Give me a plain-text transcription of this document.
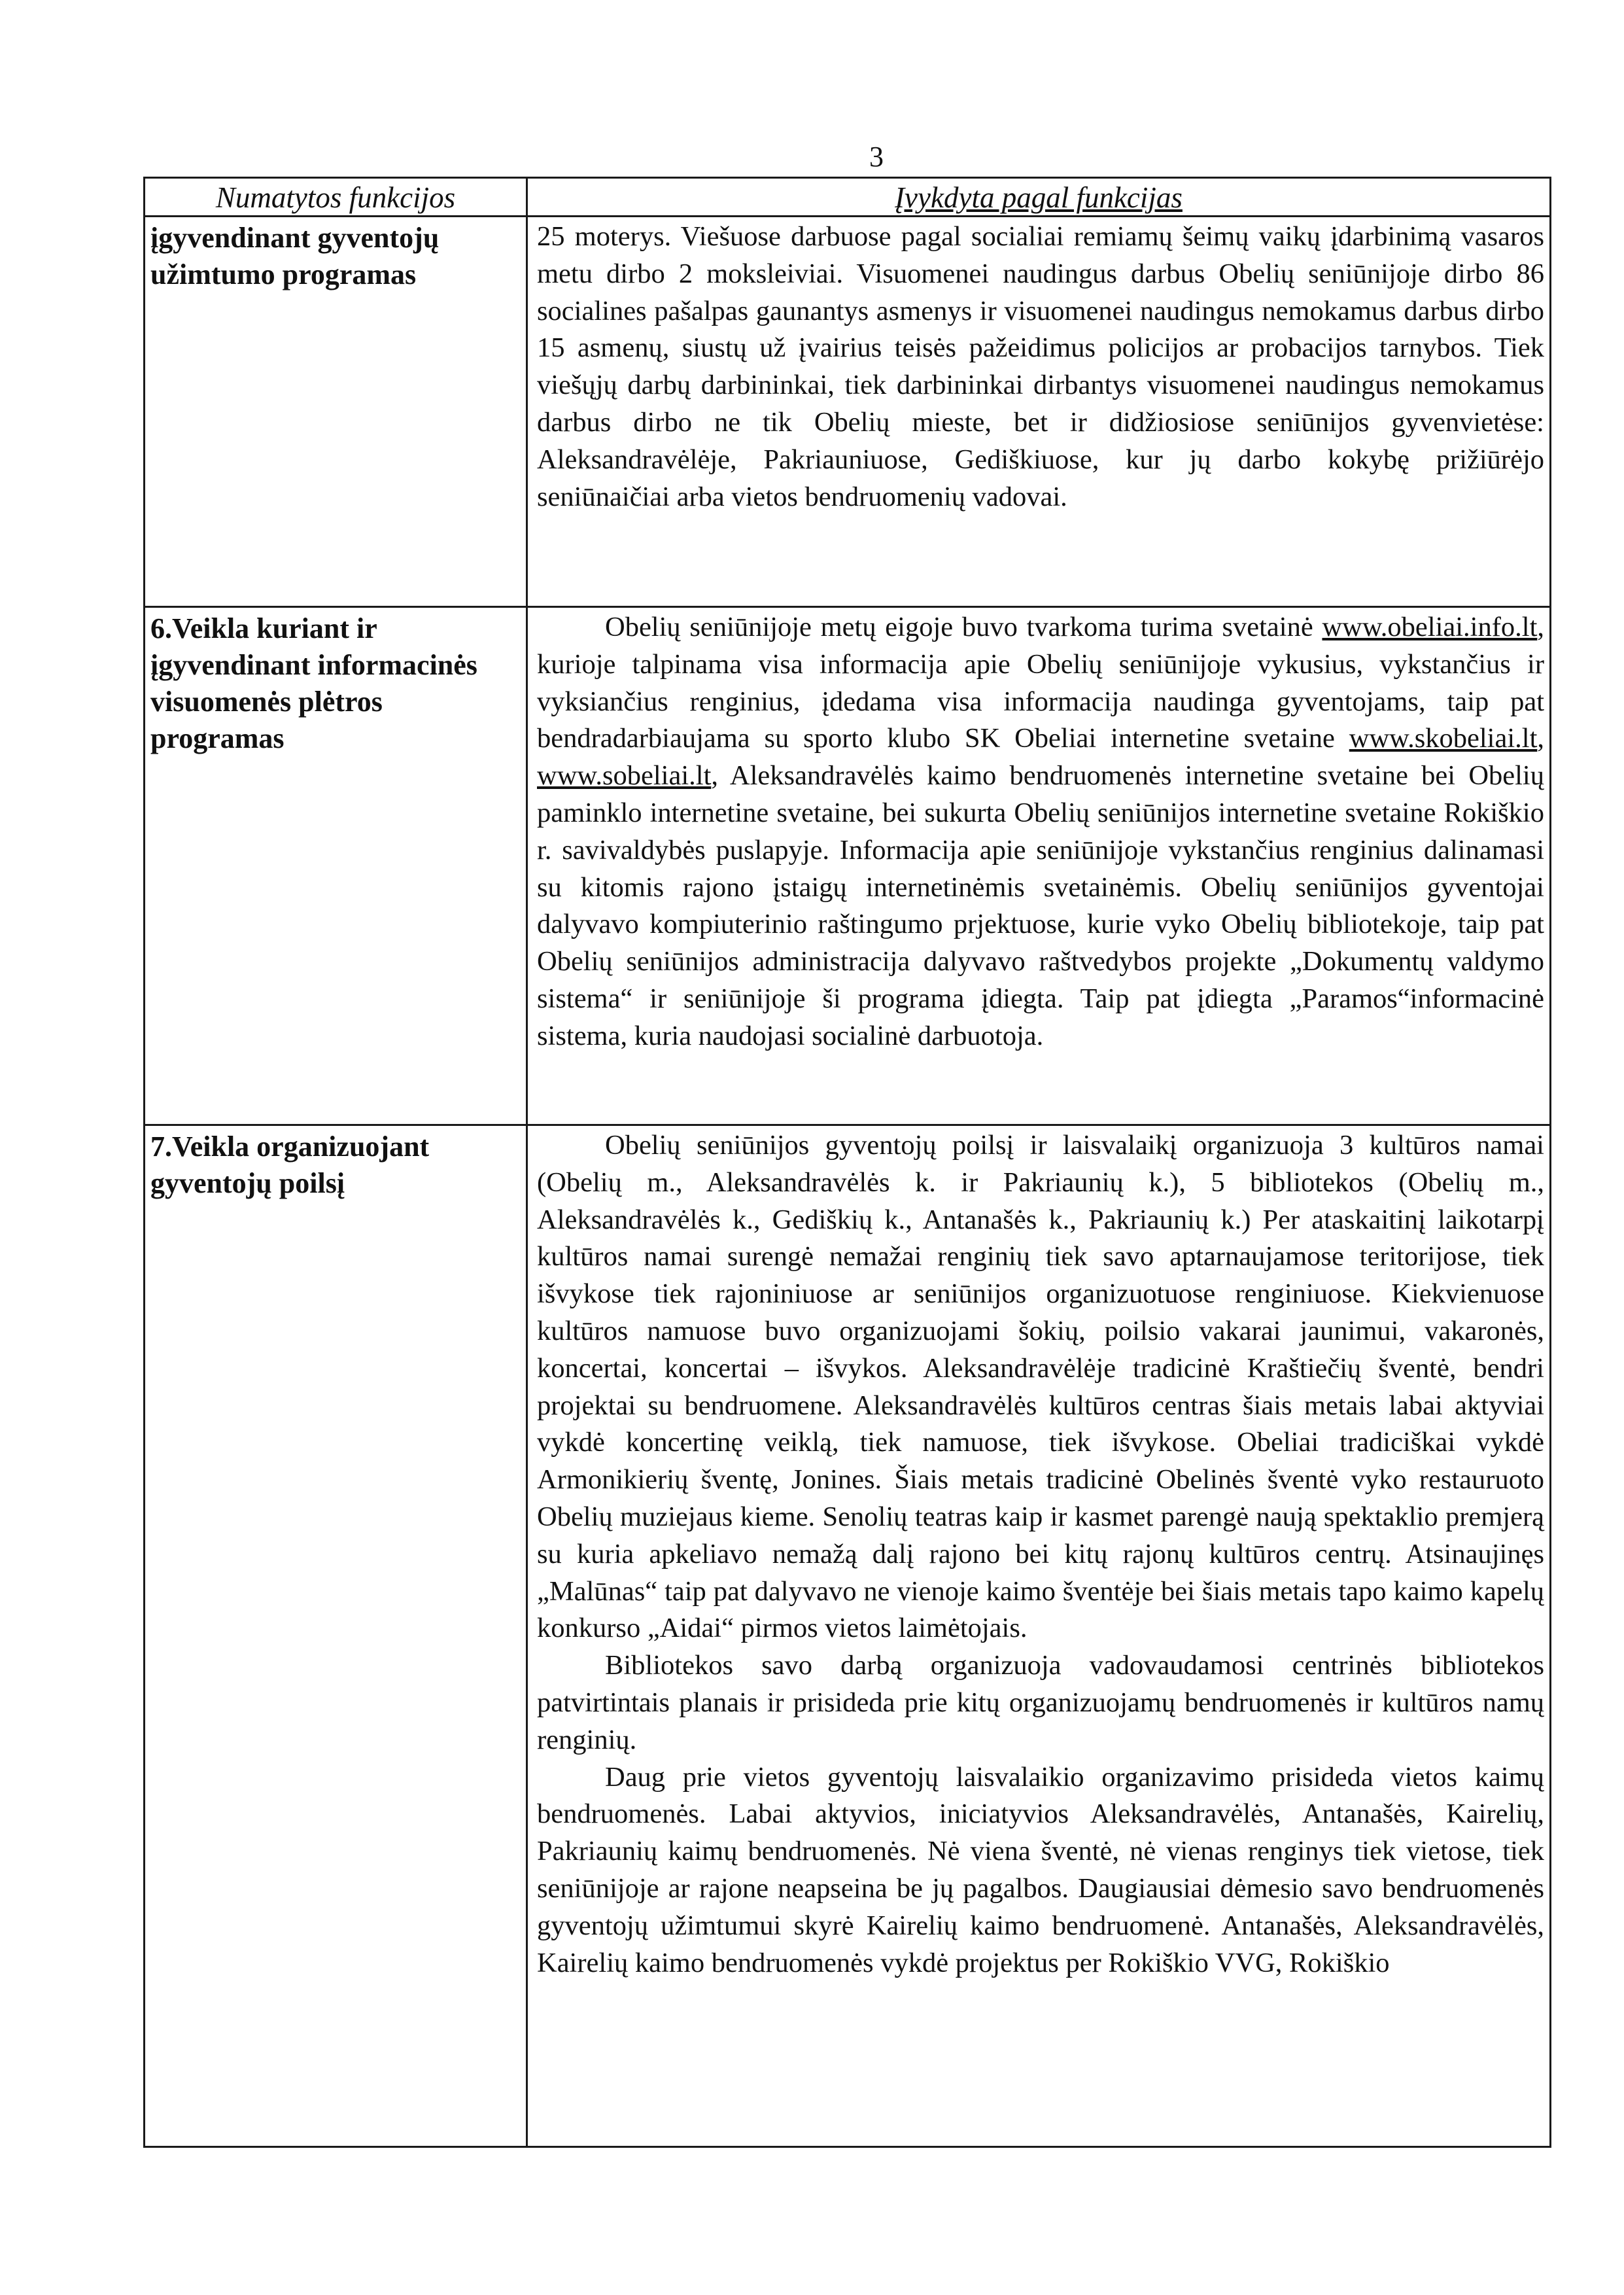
3
Numatytos funkcijos	Įvykdyta pagal funkcijas

įgyvendinant gyventojų užimtumo programas	25 moterys. Viešuose darbuose pagal socialiai remiamų šeimų vaikų įdarbinimą vasaros metu dirbo 2 moksleiviai. Visuomenei naudingus darbus Obelių seniūnijoje dirbo 86 socialines pašalpas gaunantys asmenys ir visuomenei naudingus nemokamus darbus dirbo 15 asmenų, siustų už įvairius teisės pažeidimus policijos ar probacijos tarnybos. Tiek viešųjų darbų darbininkai, tiek darbininkai dirbantys visuomenei naudingus nemokamus darbus dirbo ne tik Obelių mieste, bet ir didžiosiose seniūnijos gyvenvietėse: Aleksandravėlėje, Pakriauniuose, Gediškiuose, kur jų darbo kokybę prižiūrėjo seniūnaičiai arba vietos bendruomenių vadovai.

6.Veikla kuriant ir įgyvendinant informacinės visuomenės plėtros programas	Obelių seniūnijoje metų eigoje buvo tvarkoma turima svetainė www.obeliai.info.lt, kurioje talpinama visa informacija apie Obelių seniūnijoje vykusius, vykstančius ir vyksiančius renginius, įdedama visa informacija naudinga gyventojams, taip pat bendradarbiaujama su sporto klubo SK Obeliai internetine svetaine www.skobeliai.lt, www.sobeliai.lt, Aleksandravėlės kaimo bendruomenės internetine svetaine bei Obelių paminklo internetine svetaine, bei sukurta Obelių seniūnijos internetine svetaine Rokiškio r. savivaldybės puslapyje. Informacija apie seniūnijoje vykstančius renginius dalinamasi su kitomis rajono įstaigų internetinėmis svetainėmis. Obelių seniūnijos gyventojai dalyvavo kompiuterinio raštingumo prjektuose, kurie vyko Obelių bibliotekoje, taip pat Obelių seniūnijos administracija dalyvavo raštvedybos projekte „Dokumentų valdymo sistema“ ir seniūnijoje ši programa įdiegta. Taip pat įdiegta „Paramos“informacinė sistema, kuria naudojasi socialinė darbuotoja.

7.Veikla organizuojant gyventojų poilsį	Obelių seniūnijos gyventojų poilsį ir laisvalaikį organizuoja 3 kultūros namai (Obelių m., Aleksandravėlės k. ir Pakriaunių k.), 5 bibliotekos (Obelių m., Aleksandravėlės k., Gediškių k., Antanašės k., Pakriaunių k.) Per ataskaitinį laikotarpį kultūros namai surengė nemažai renginių tiek savo aptarnaujamose teritorijose, tiek išvykose tiek rajoniniuose ar seniūnijos organizuotuose renginiuose. Kiekvienuose kultūros namuose buvo organizuojami šokių, poilsio vakarai jaunimui, vakaronės, koncertai, koncertai – išvykos. Aleksandravėlėje tradicinė Kraštiečių šventė, bendri projektai su bendruomene. Aleksandravėlės kultūros centras šiais metais labai aktyviai vykdė koncertinę veiklą, tiek namuose, tiek išvykose. Obeliai tradiciškai vykdė Armonikierių šventę, Jonines. Šiais metais tradicinė Obelinės šventė vyko restauruoto Obelių muziejaus kieme. Senolių teatras kaip ir kasmet parengė naują spektaklio premjerą su kuria apkeliavo nemažą dalį rajono bei kitų rajonų kultūros centrų. Atsinaujinęs „Malūnas“ taip pat dalyvavo ne vienoje kaimo šventėje bei šiais metais tapo kaimo kapelų konkurso „Aidai“ pirmos vietos laimėtojais.

Bibliotekos savo darbą organizuoja vadovaudamosi centrinės bibliotekos patvirtintais planais ir prisideda prie kitų organizuojamų bendruomenės ir kultūros namų renginių.

Daug prie vietos gyventojų laisvalaikio organizavimo prisideda vietos kaimų bendruomenės. Labai aktyvios, iniciatyvios Aleksandravėlės, Antanašės, Kairelių, Pakriaunių kaimų bendruomenės. Nė viena šventė, nė vienas renginys tiek vietose, tiek seniūnijoje ar rajone neapseina be jų pagalbos. Daugiausiai dėmesio savo bendruomenės gyventojų užimtumui skyrė Kairelių kaimo bendruomenė. Antanašės, Aleksandravėlės, Kairelių kaimo bendruomenės vykdė projektus per Rokiškio VVG, Rokiškio
